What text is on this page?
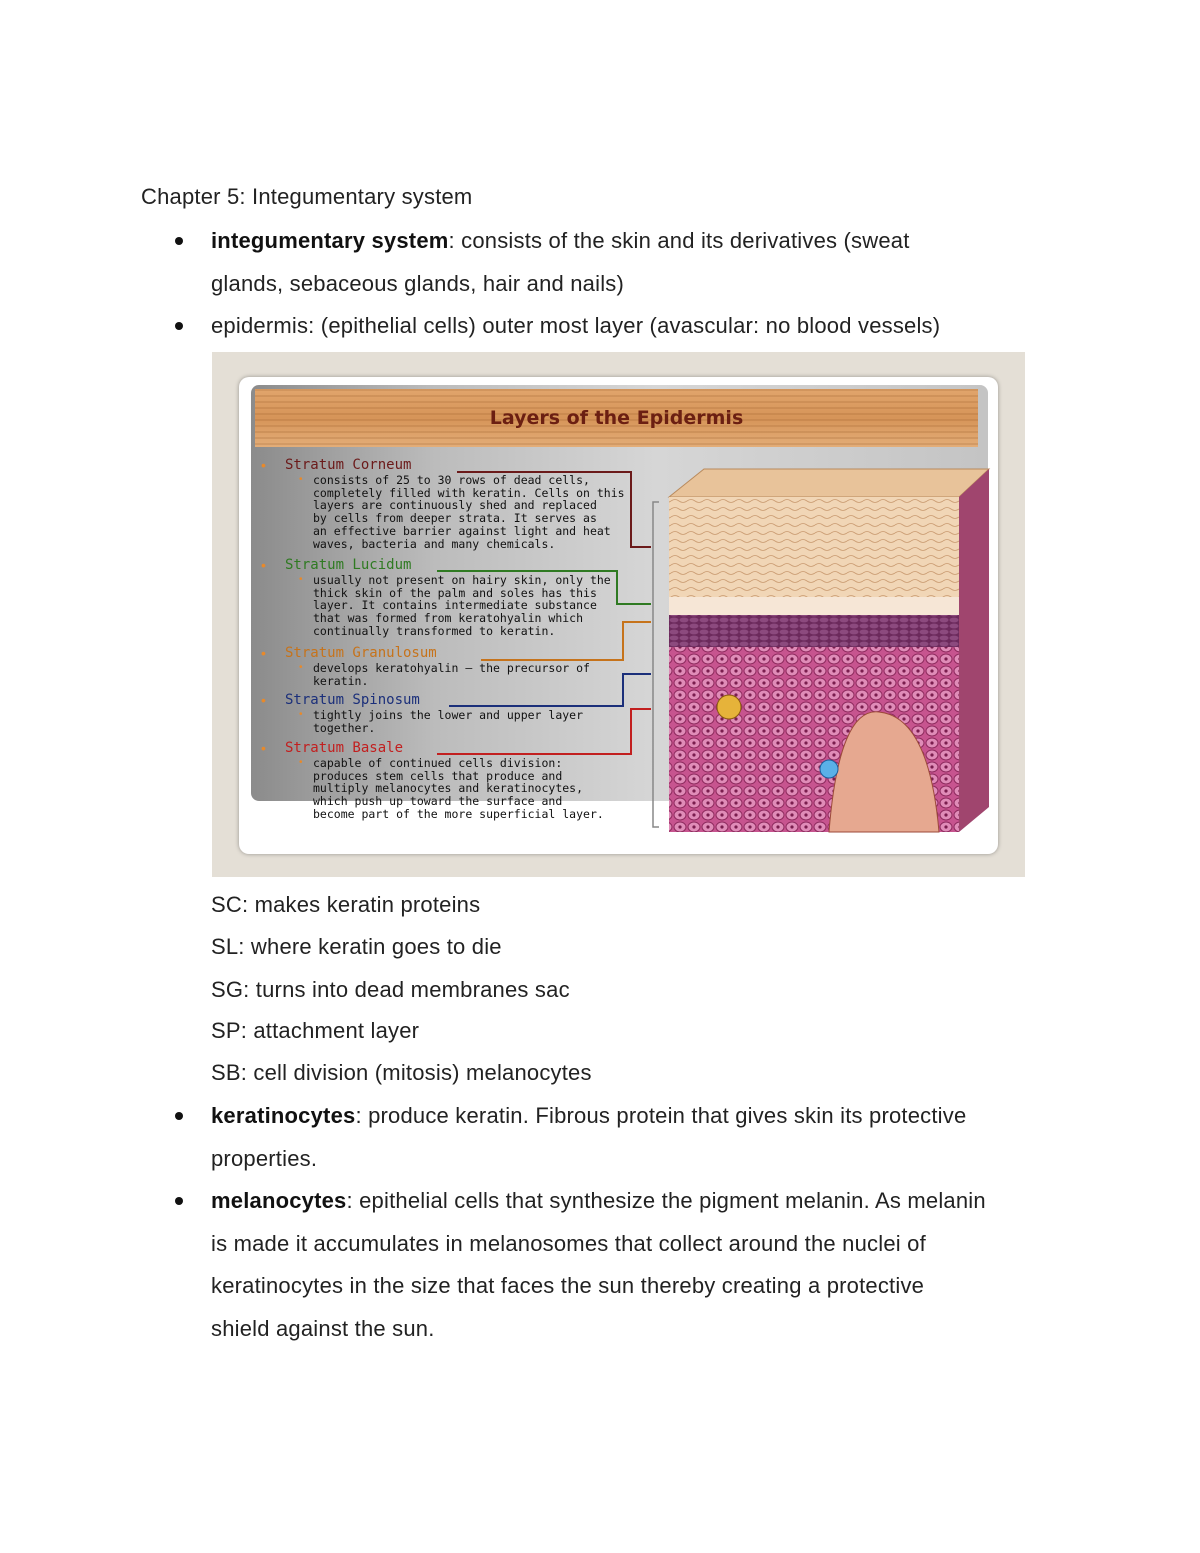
Chapter 5: Integumentary system
integumentary system: consists of the skin and its derivatives (sweat
glands, sebaceous glands, hair and nails)
epidermis: (epithelial cells) outer most layer (avascular: no blood vessels)
Layers of the Epidermis
• Stratum Corneum
• consists of 25 to 30 rows of dead cells,
completely filled with keratin. Cells on this
layers are continuously shed and replaced
by cells from deeper strata. It serves as
an effective barrier against light and heat
waves, bacteria and many chemicals.
• Stratum Lucidum
• usually not present on hairy skin, only the
thick skin of the palm and soles has this
layer. It contains intermediate substance
that was formed from keratohyalin which
continually transformed to keratin.
• Stratum Granulosum
• develops keratohyalin – the precursor of
keratin.
• Stratum Spinosum
• tightly joins the lower and upper layer
together.
• Stratum Basale
• capable of continued cells division:
produces stem cells that produce and
multiply melanocytes and keratinocytes,
which push up toward the surface and
become part of the more superficial layer.
SC: makes keratin proteins
SL: where keratin goes to die
SG: turns into dead membranes sac
SP: attachment layer
SB: cell division (mitosis) melanocytes
keratinocytes: produce keratin. Fibrous protein that gives skin its protective
properties.
melanocytes: epithelial cells that synthesize the pigment melanin. As melanin
is made it accumulates in melanosomes that collect around the nuclei of
keratinocytes in the size that faces the sun thereby creating a protective
shield against the sun.
